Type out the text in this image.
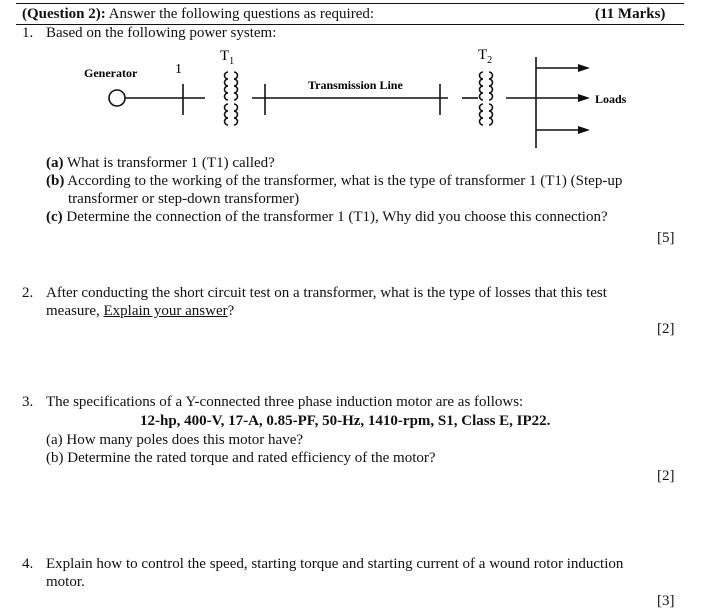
(Question 2): Answer the following questions as required:	(11 Marks)
1. Based on the following power system:
Generator	1
$T_1$
Transmission Line
$T_2$
Loads
(a) What is transformer 1 (T1) called?
(b) According to the working of the transformer, what is the type of transformer 1 (T1) (Step-up
transformer or step-down transformer)
(c) Determine the connection of the transformer 1 (T1), Why did you choose this connection?
[5]
2. After conducting the short circuit test on a transformer, what is the type of losses that this test
measure, Explain your answer?
[2]
3. The specifications of a Y-connected three phase induction motor are as follows:
12-hp, 400-V, 17-A, 0.85-PF, 50-Hz, 1410-rpm, S1, Class E, IP22.
(a) How many poles does this motor have?
(b) Determine the rated torque and rated efficiency of the motor?
[2]
4. Explain how to control the speed, starting torque and starting current of a wound rotor induction
motor.
[3]
